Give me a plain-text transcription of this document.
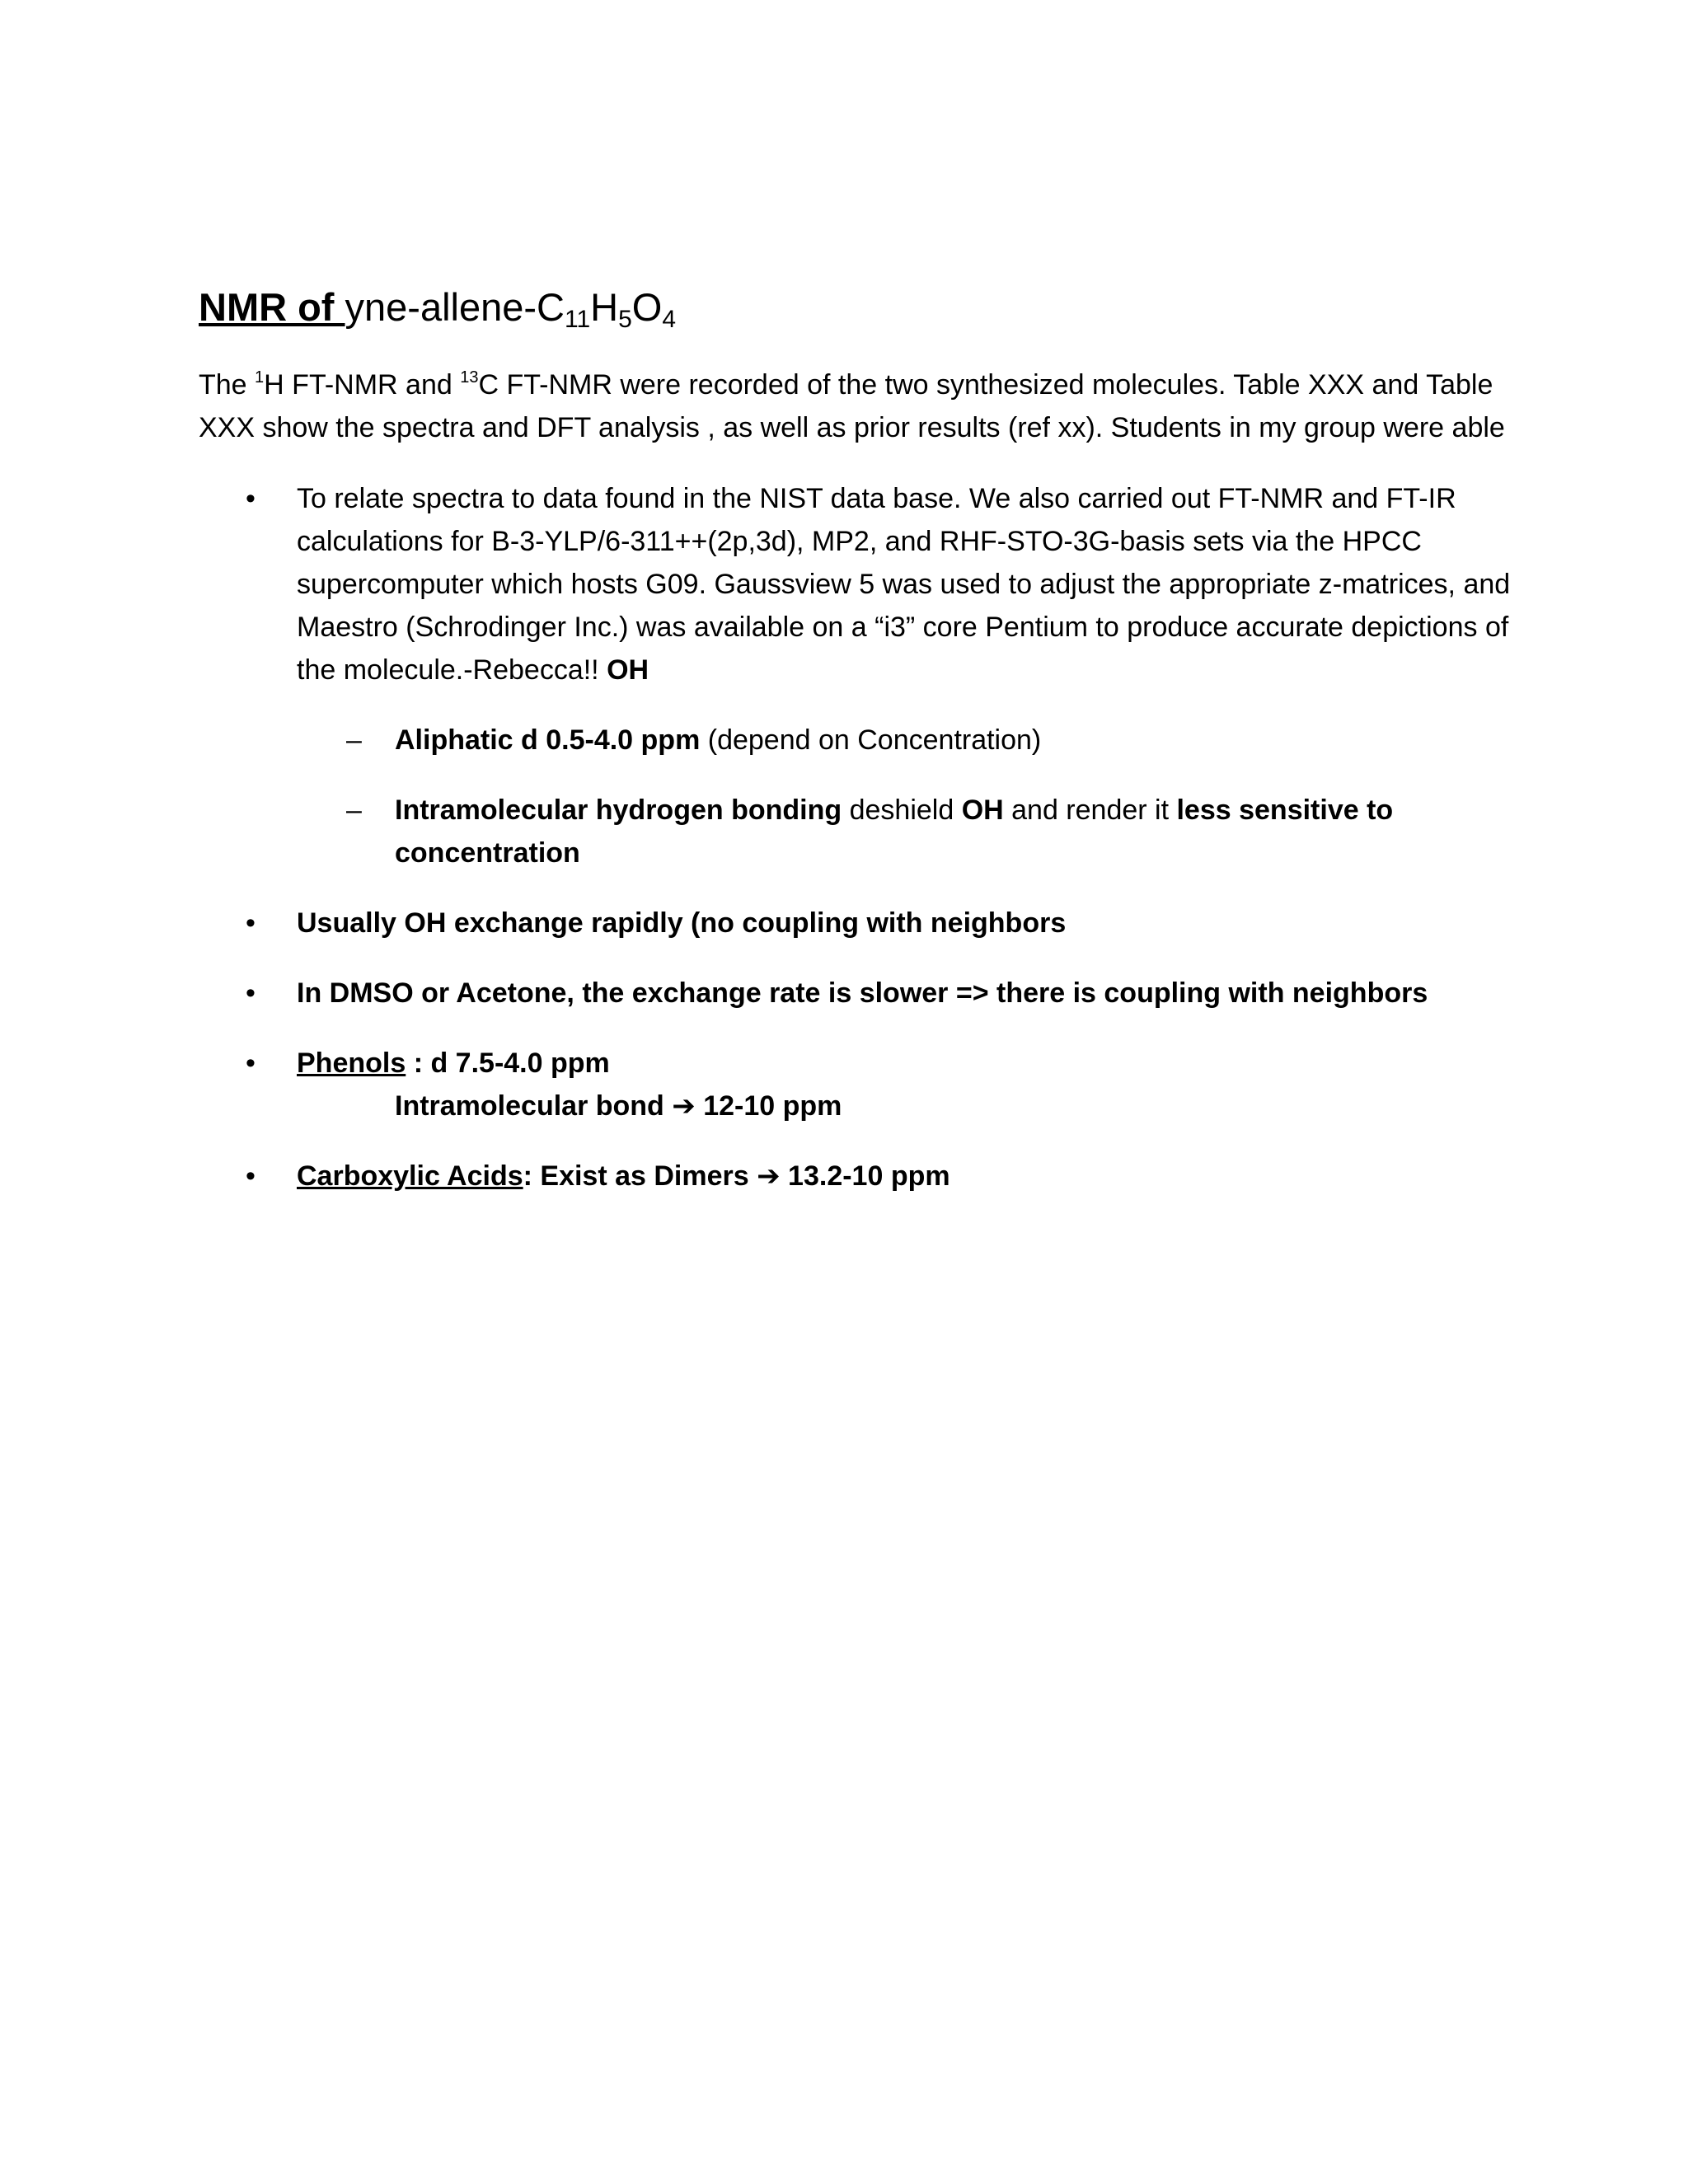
NMR of yne-$allene-C_{11}H_5O_4$

The $^1$H FT-NMR and $^{13}$C FT-NMR were recorded of the two synthesized molecules. Table XXX and Table XXX show the spectra and DFT analysis , as well as prior results (ref xx). Students in my group were able

•	To relate spectra to data found in the NIST data base. We also carried out FT-NMR and FT-IR calculations for B-3-YLP/6-311++(2p,3d), MP2, and RHF-STO-3G-basis sets via the HPCC supercomputer which hosts G09. Gaussview 5 was used to adjust the appropriate z-matrices, and Maestro (Schrodinger Inc.) was available on a “i3” core Pentium to produce accurate depictions of the molecule.-Rebecca!! OH
– Aliphatic d 0.5-4.0 ppm (depend on Concentration)
– Intramolecular hydrogen bonding deshield OH and render it less sensitive to concentration
•	Usually OH exchange rapidly (no coupling with neighbors
•	In DMSO or Acetone, the exchange rate is slower => there is coupling with neighbors
•	Phenols : d 7.5-4.0 ppm
Intramolecular bond ➔ 12-10 ppm
•	Carboxylic Acids: Exist as Dimers ➔ 13.2-10 ppm
